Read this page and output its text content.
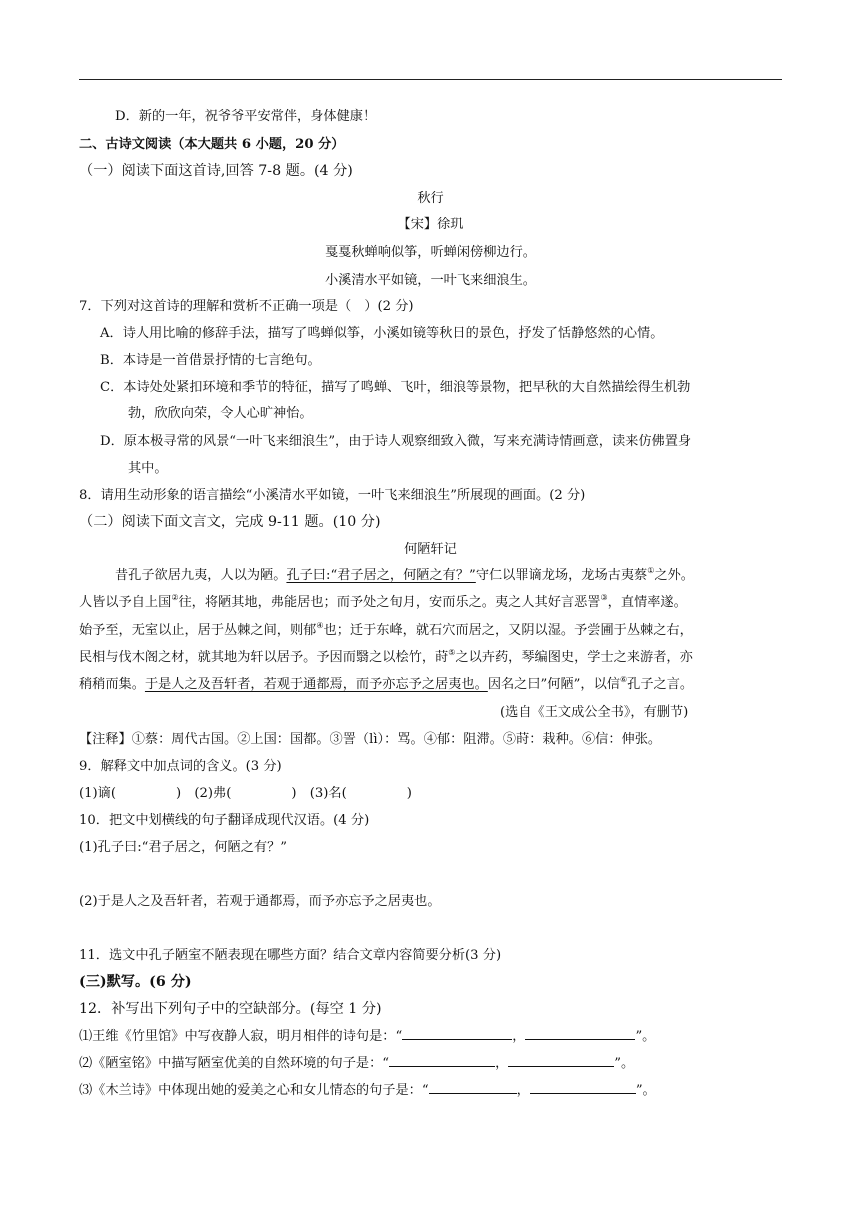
D．新的一年，祝爷爷平安常伴，身体健康！
二、古诗文阅读（本大题共 6 小题，20 分）
（一）阅读下面这首诗,回答 7-8 题。(4 分)
秋行
【宋】徐玑
戛戛秋蝉响似筝，听蝉闲傍柳边行。
小溪清水平如镜，一叶飞来细浪生。
7．下列对这首诗的理解和赏析不正确一项是（　）(2 分)
A．诗人用比喻的修辞手法，描写了鸣蝉似筝，小溪如镜等秋日的景色，抒发了恬静悠然的心情。
B．本诗是一首借景抒情的七言绝句。
C．本诗处处紧扣环境和季节的特征，描写了鸣蝉、飞叶，细浪等景物，把早秋的大自然描绘得生机勃
勃，欣欣向荣，令人心旷神怡。
D．原本极寻常的风景“一叶飞来细浪生”，由于诗人观察细致入微，写来充满诗情画意，读来仿佛置身
其中。
8．请用生动形象的语言描绘“小溪清水平如镜，一叶飞来细浪生”所展现的画面。(2 分)
（二）阅读下面文言文，完成 9-11 题。(10 分)
何陋轩记
昔孔子欲居九夷，人以为陋。孔子曰:“君子居之，何陋之有？”守仁以罪谪龙场，龙场古夷蔡①之外。
人皆以予自上国②往，将陋其地，弗能居也；而予处之旬月，安而乐之。夷之人其好言恶詈③，直情率遂。
始予至，无室以止，居于丛棘之间，则郁④也；迁于东峰，就石穴而居之，又阴以湿。予尝圃于丛棘之右，
民相与伐木阁之材，就其地为轩以居予。予因而翳之以桧竹，莳⑤之以卉药，琴编图史，学士之来游者，亦
稍稍而集。于是人之及吾轩者，若观于通都焉，而予亦忘予之居夷也。因名之曰”何陋”，以信⑥孔子之言。
(选自《王文成公全书》，有删节)
【注释】①蔡：周代古国。②上国：国都。③詈（lì）：骂。④郁：阻滞。⑤莳：栽种。⑥信：伸张。
9．解释文中加点词的含义。(3 分)
(1)谪(	)　(2)弗(	)　(3)名(	)
10．把文中划横线的句子翻译成现代汉语。(4 分)
(1)孔子曰:“君子居之，何陋之有？”
(2)于是人之及吾轩者，若观于通都焉，而予亦忘予之居夷也。
11．选文中孔子陋室不陋表现在哪些方面？结合文章内容简要分析(3 分)
(三)默写。(6 分)
12．补写出下列句子中的空缺部分。(每空 1 分)
⑴王维《竹里馆》中写夜静人寂，明月相伴的诗句是：“	，	”。
⑵《陋室铭》中描写陋室优美的自然环境的句子是：“	，	”。
⑶《木兰诗》中体现出她的爱美之心和女儿情态的句子是：“	，	”。
